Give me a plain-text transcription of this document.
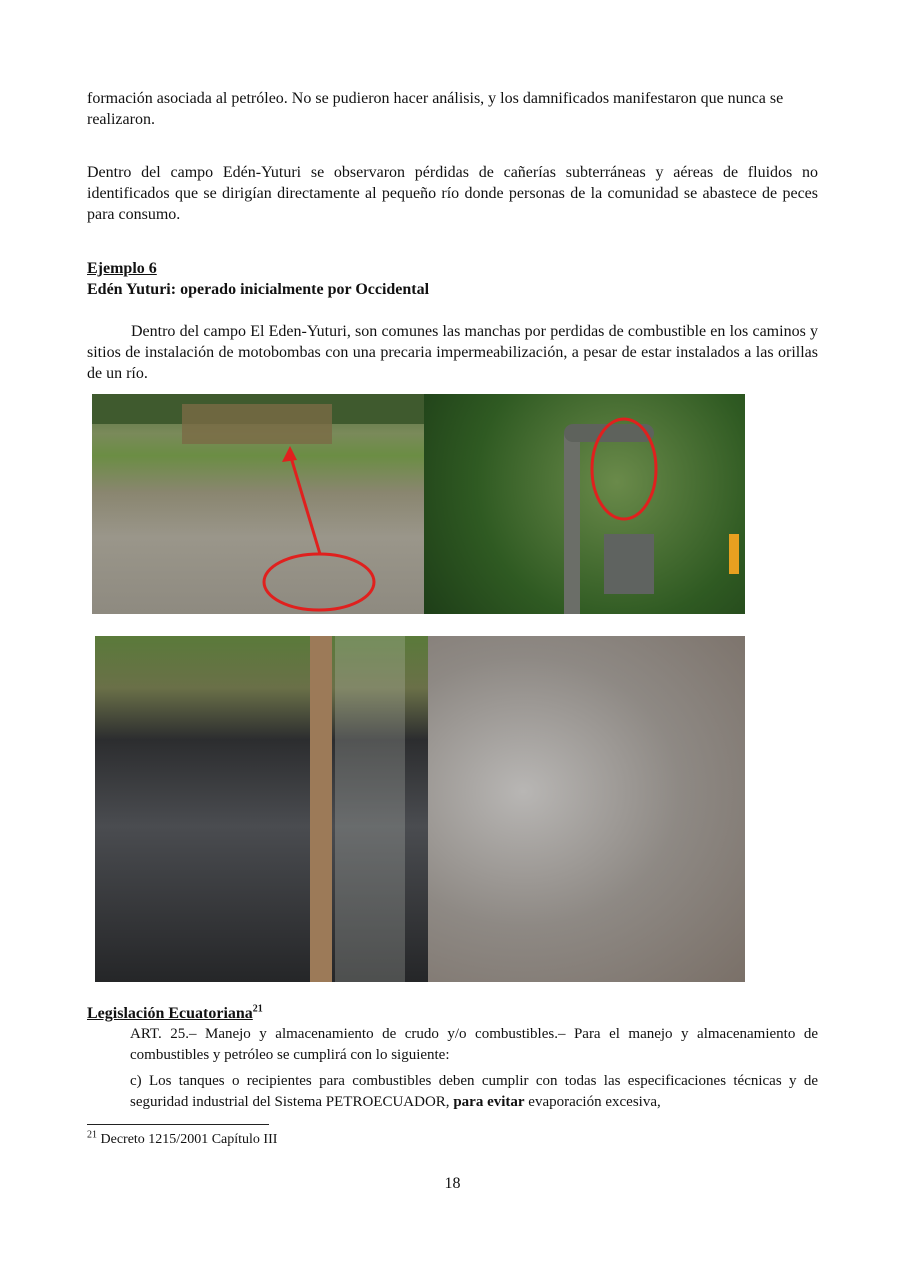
formación asociada al petróleo. No se pudieron hacer análisis, y los damnificados manifestaron que nunca se realizaron.

Dentro del campo Edén-Yuturi se observaron pérdidas de cañerías subterráneas y aéreas de fluidos no identificados que se dirigían directamente al pequeño río donde personas de la comunidad se abastece de peces para consumo.

Ejemplo 6

Edén Yuturi: operado inicialmente por Occidental

Dentro del campo El Eden-Yuturi, son comunes las manchas por perdidas de combustible en los caminos y sitios de instalación de motobombas con una precaria impermeabilización, a pesar de estar instalados a las orillas de un río.

Legislación Ecuatoriana$^{21}$

ART. 25.– Manejo y almacenamiento de crudo y/o combustibles.– Para el manejo y almacenamiento de combustibles y petróleo se cumplirá con lo siguiente:

c) Los tanques o recipientes para combustibles deben cumplir con todas las especificaciones técnicas y de seguridad industrial del Sistema PETROECUADOR, para evitar evaporación excesiva,

$^{21}$ Decreto 1215/2001 Capítulo III

18
